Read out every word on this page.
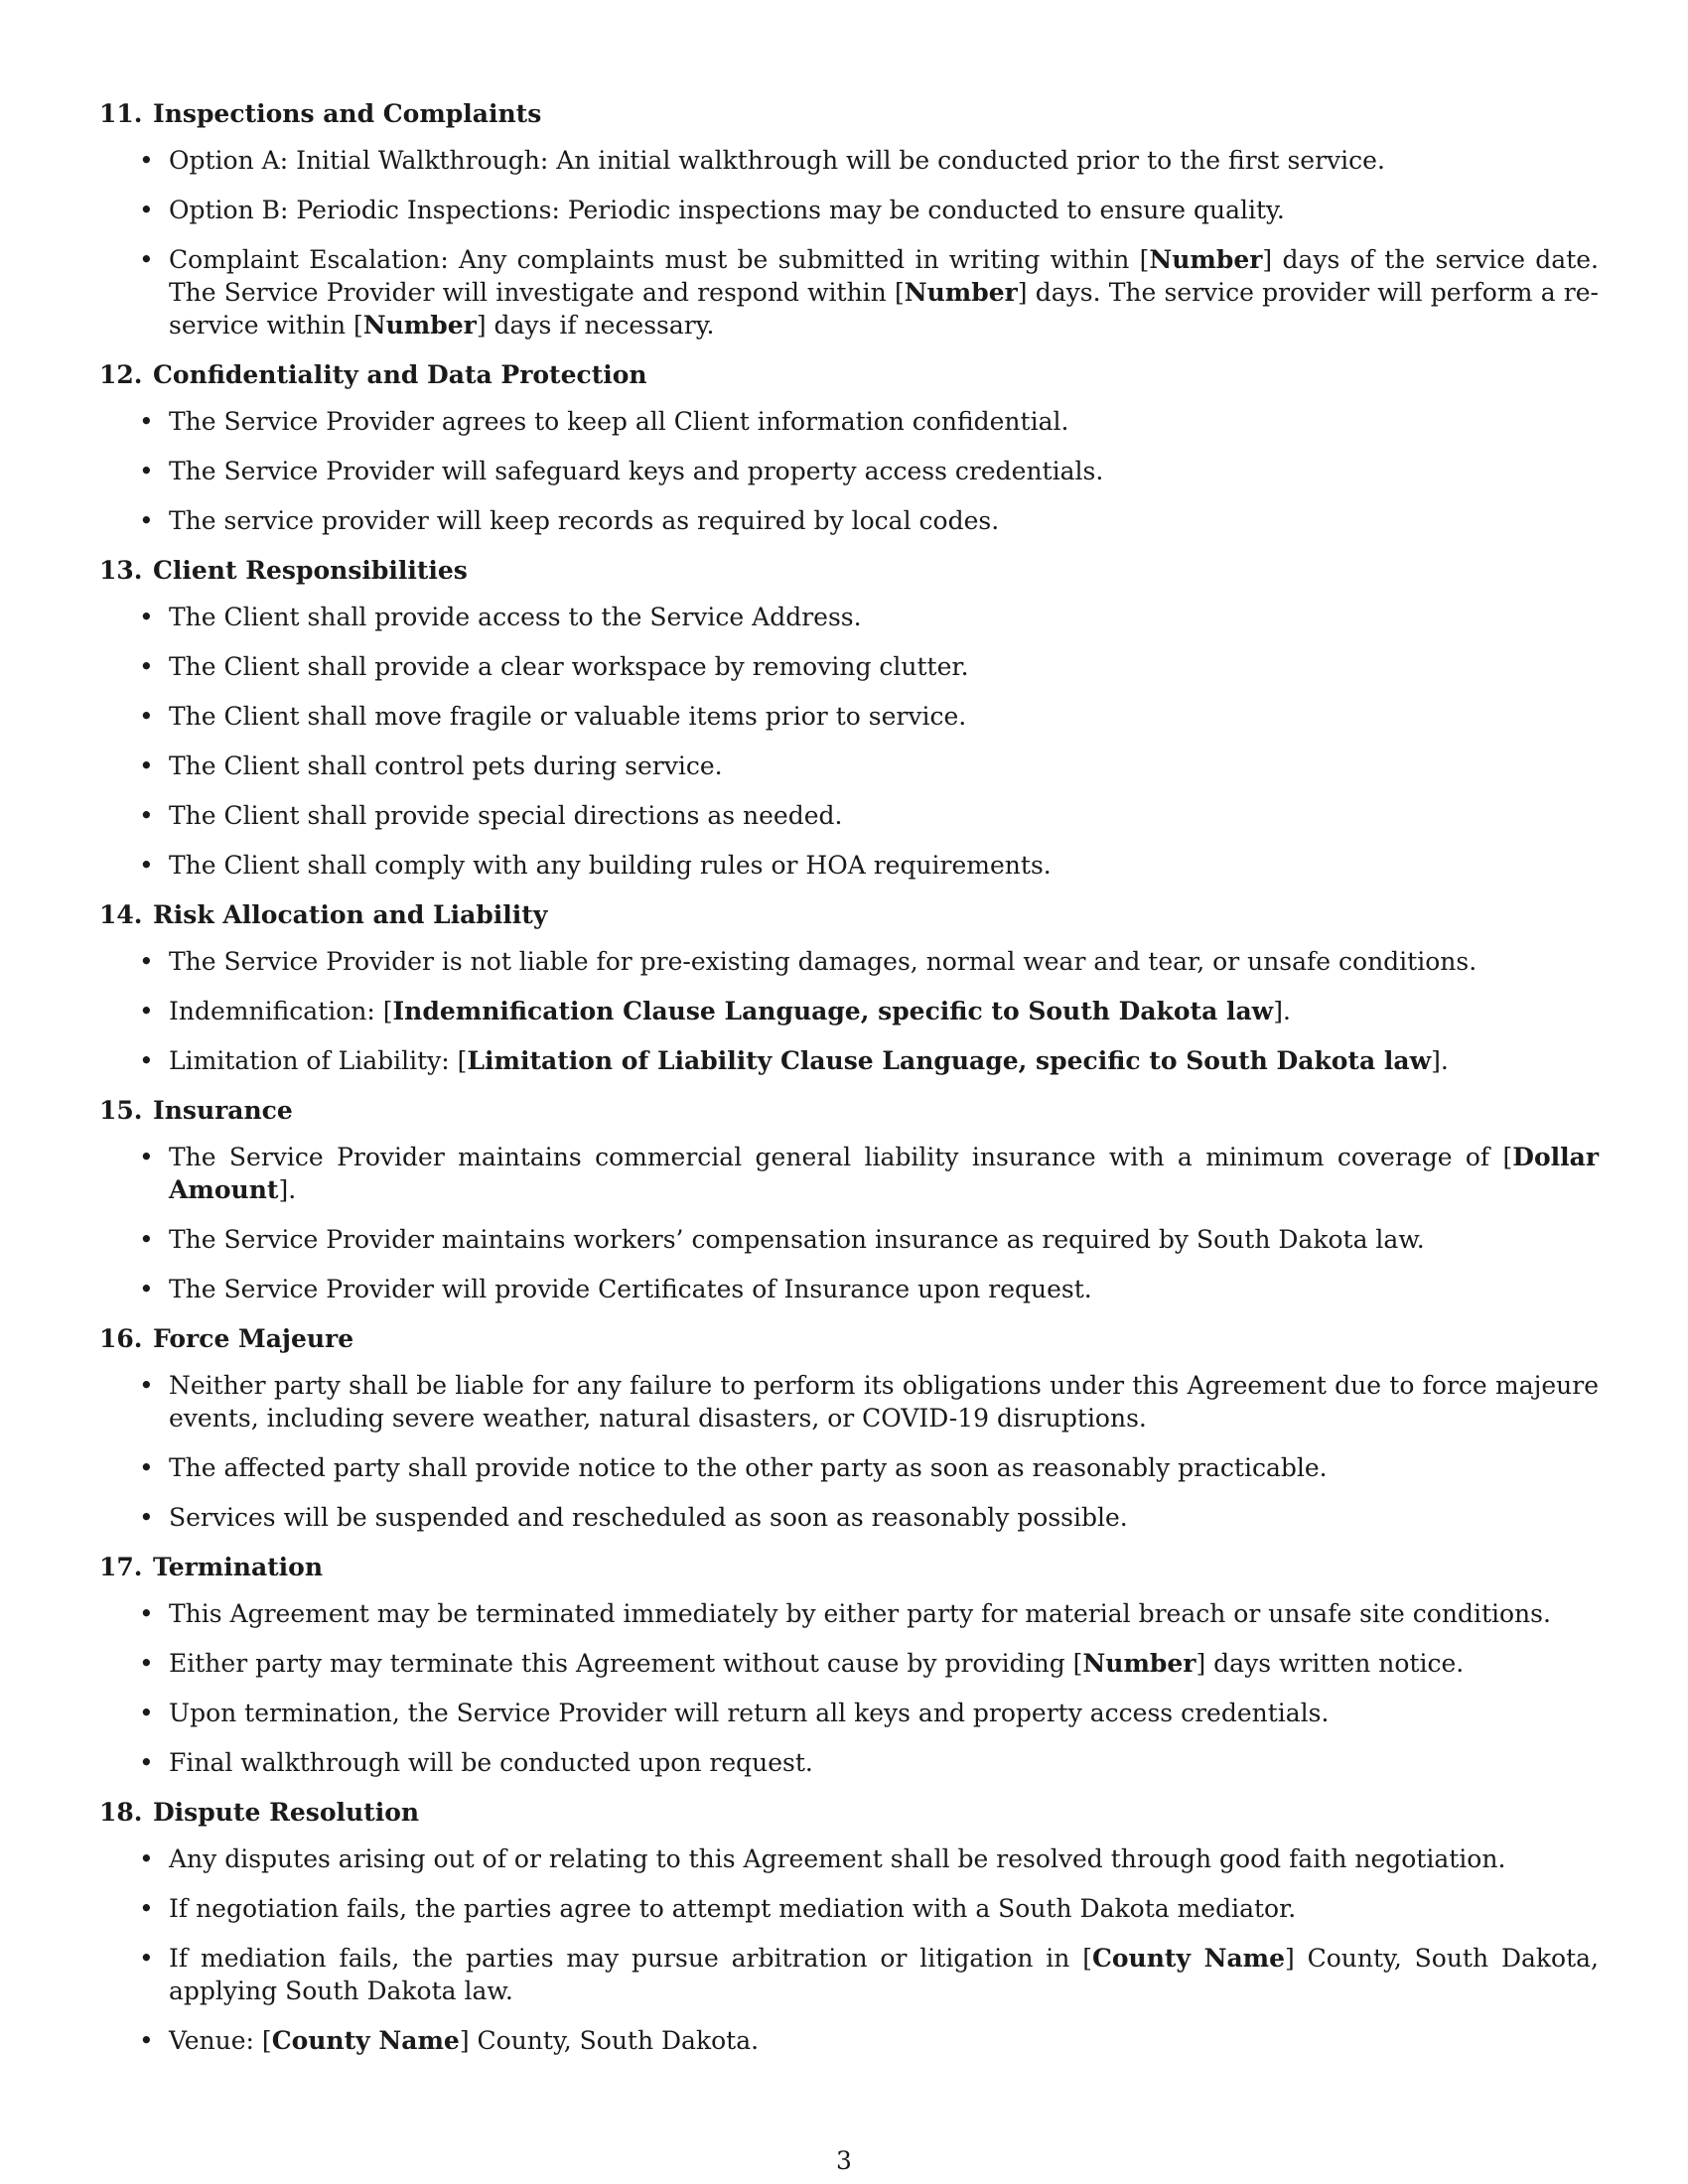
11. Inspections and Complaints
• Option A: Initial Walkthrough: An initial walkthrough will be conducted prior to the first service.
• Option B: Periodic Inspections: Periodic inspections may be conducted to ensure quality.
• Complaint Escalation: Any complaints must be submitted in writing within [Number] days of the service date. The Service Provider will investigate and respond within [Number] days. The service provider will perform a re-service within [Number] days if necessary.
12. Confidentiality and Data Protection
• The Service Provider agrees to keep all Client information confidential.
• The Service Provider will safeguard keys and property access credentials.
• The service provider will keep records as required by local codes.
13. Client Responsibilities
• The Client shall provide access to the Service Address.
• The Client shall provide a clear workspace by removing clutter.
• The Client shall move fragile or valuable items prior to service.
• The Client shall control pets during service.
• The Client shall provide special directions as needed.
• The Client shall comply with any building rules or HOA requirements.
14. Risk Allocation and Liability
• The Service Provider is not liable for pre-existing damages, normal wear and tear, or unsafe conditions.
• Indemnification: [Indemnification Clause Language, specific to South Dakota law].
• Limitation of Liability: [Limitation of Liability Clause Language, specific to South Dakota law].
15. Insurance
• The Service Provider maintains commercial general liability insurance with a minimum coverage of [Dollar Amount].
• The Service Provider maintains workers’ compensation insurance as required by South Dakota law.
• The Service Provider will provide Certificates of Insurance upon request.
16. Force Majeure
• Neither party shall be liable for any failure to perform its obligations under this Agreement due to force majeure events, including severe weather, natural disasters, or COVID-19 disruptions.
• The affected party shall provide notice to the other party as soon as reasonably practicable.
• Services will be suspended and rescheduled as soon as reasonably possible.
17. Termination
• This Agreement may be terminated immediately by either party for material breach or unsafe site conditions.
• Either party may terminate this Agreement without cause by providing [Number] days written notice.
• Upon termination, the Service Provider will return all keys and property access credentials.
• Final walkthrough will be conducted upon request.
18. Dispute Resolution
• Any disputes arising out of or relating to this Agreement shall be resolved through good faith negotiation.
• If negotiation fails, the parties agree to attempt mediation with a South Dakota mediator.
• If mediation fails, the parties may pursue arbitration or litigation in [County Name] County, South Dakota, applying South Dakota law.
• Venue: [County Name] County, South Dakota.
3
